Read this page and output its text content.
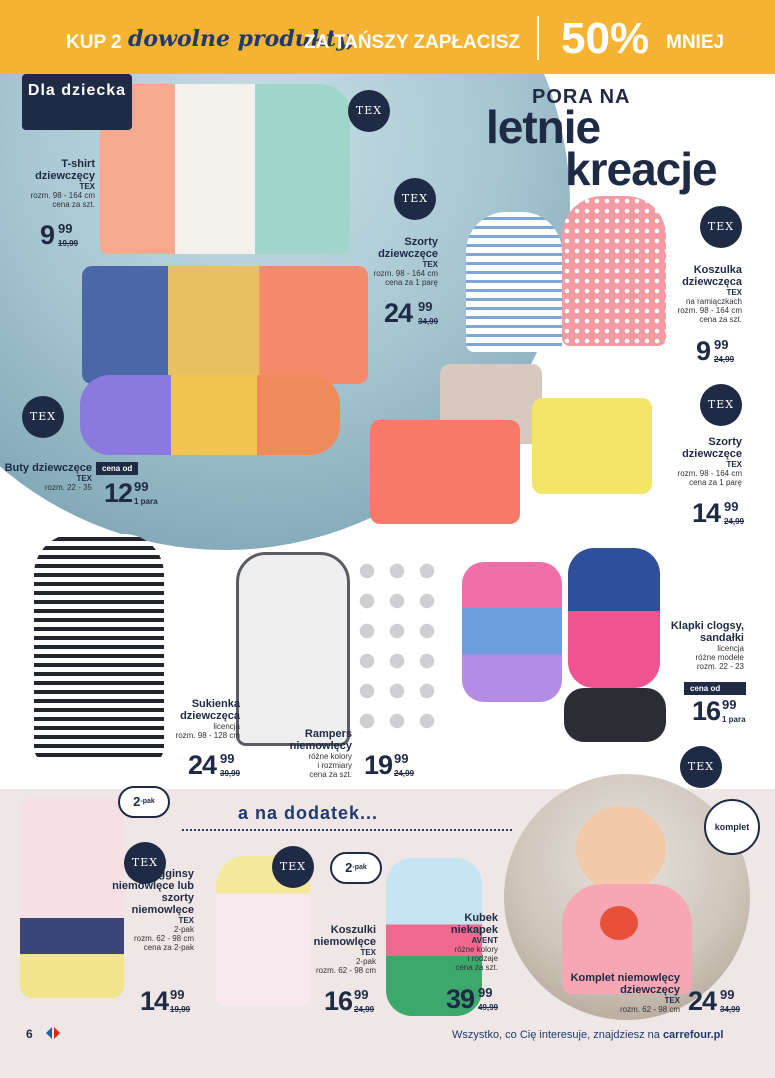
KUP 2 dowolne produkty,
ZA TAŃSZY ZAPŁACISZ 50% MNIEJ
Dla dziecka	PORA NA
letnie
kreacje
TEX
TEX
TEX
TEX
TEX
TEX
TEX	TEX
$2^{-pak}$
$2^{-pak}$
komplet
T-shirt dziewczęcy
TEX
rozm. 98 - 164 cm
cena za szt.
9 99
19,99	Szorty dziewczęce
TEX
rozm. 98 - 164 cm
cena za 1 parę
24 99
34,99
Koszulka dziewczęca
TEX
na ramiączkach
rozm. 98 - 164 cm
cena za szt.
9 99
24,99
Buty dziewczęce
TEX
rozm. 22 - 35
cena od
12 99
1 para
Szorty dziewczęce
TEX
rozm. 98 - 164 cm
cena za 1 parę
14 99
24,99
Sukienka dziewczęca
licencja
rozm. 98 - 128 cm
24 99
39,99
Rampers niemowlęcy
różne kolory
i rozmiary
cena za szt. 19 99
24,99
Klapki clogsy, sandałki
licencja
różne modele
rozm. 22 - 23
cena od
16 99
1 para
a na dodatek...
Legginsy niemowlęce lub szorty niemowlęce
TEX
2-pak
rozm. 62 - 98 cm
cena za 2-pak
14 99
19,99
Koszulki niemowlęce
TEX
2-pak
rozm. 62 - 98 cm
16 99
24,99
Kubek niekapek
AVENT
różne kolory
i rodzaje
cena za szt.
39 99
49,99
Komplet niemowlęcy dziewczęcy
TEX
rozm. 62 - 98 cm 24 99
34,99
6	Wszystko, co Cię interesuje, znajdziesz na carrefour.pl
